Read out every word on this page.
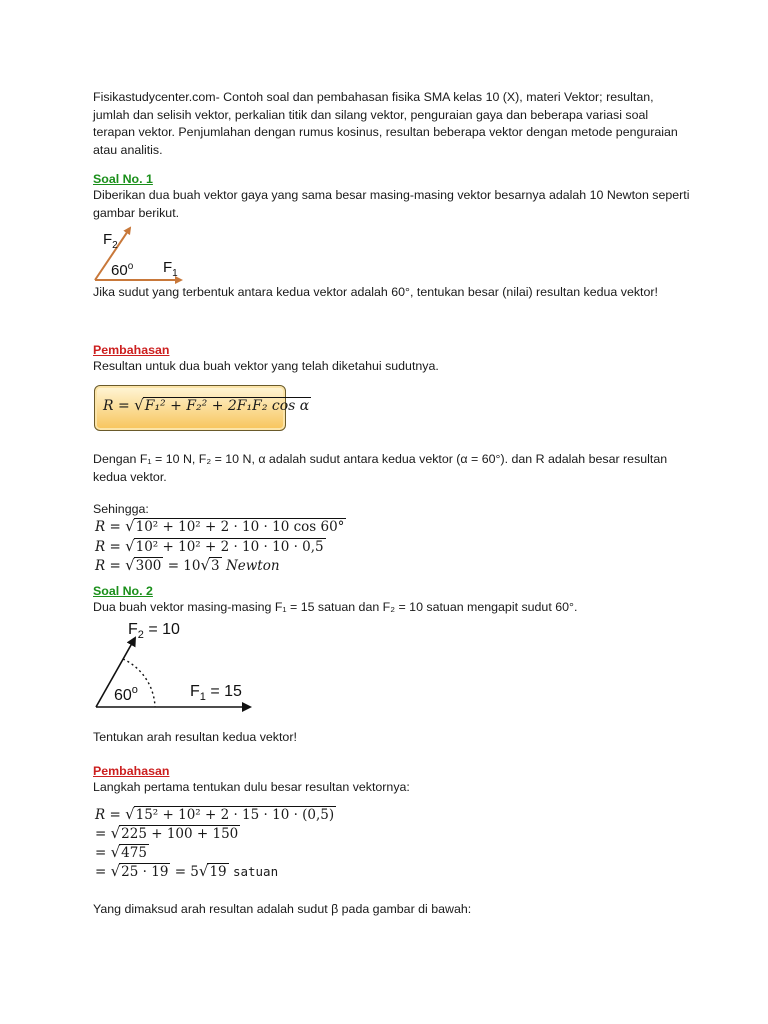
Fisikastudycenter.com- Contoh soal dan pembahasan fisika SMA kelas 10 (X), materi Vektor; resultan, jumlah dan selisih vektor, perkalian titik dan silang vektor, penguraian gaya dan beberapa variasi soal terapan vektor. Penjumlahan dengan rumus kosinus, resultan beberapa vektor dengan metode penguraian atau analitis.

Soal No. 1

Diberikan dua buah vektor gaya yang sama besar masing-masing vektor besarnya adalah 10 Newton seperti gambar berikut.

$F_2$
60$^o$ $F_1$

Jika sudut yang terbentuk antara kedua vektor adalah 60°, tentukan besar (nilai) resultan kedua vektor!

Pembahasan

Resultan untuk dua buah vektor yang telah diketahui sudutnya.

R = √F₁² + F₂² + 2F₁F₂ cos α

Dengan F₁ = 10 N, F₂ = 10 N, α adalah sudut antara kedua vektor (α = 60°). dan R adalah besar resultan kedua vektor.

Sehingga:

R = √10² + 10² + 2 · 10 · 10 cos 60°
R = √10² + 10² + 2 · 10 · 10 · 0,5
R = √300 = 10√3 Newton
Soal No. 2

Dua buah vektor masing-masing F₁ = 15 satuan dan F₂ = 10 satuan mengapit sudut 60°.

$F_2 = 10$
60$^o$	$F_1 = 15$

Tentukan arah resultan kedua vektor!

Pembahasan

Langkah pertama tentukan dulu besar resultan vektornya:

R = √15² + 10² + 2 · 15 · 10 · (0,5)
= √225 + 100 + 150
= √475
= √25 · 19 = 5√19 satuan

Yang dimaksud arah resultan adalah sudut β pada gambar di bawah:
